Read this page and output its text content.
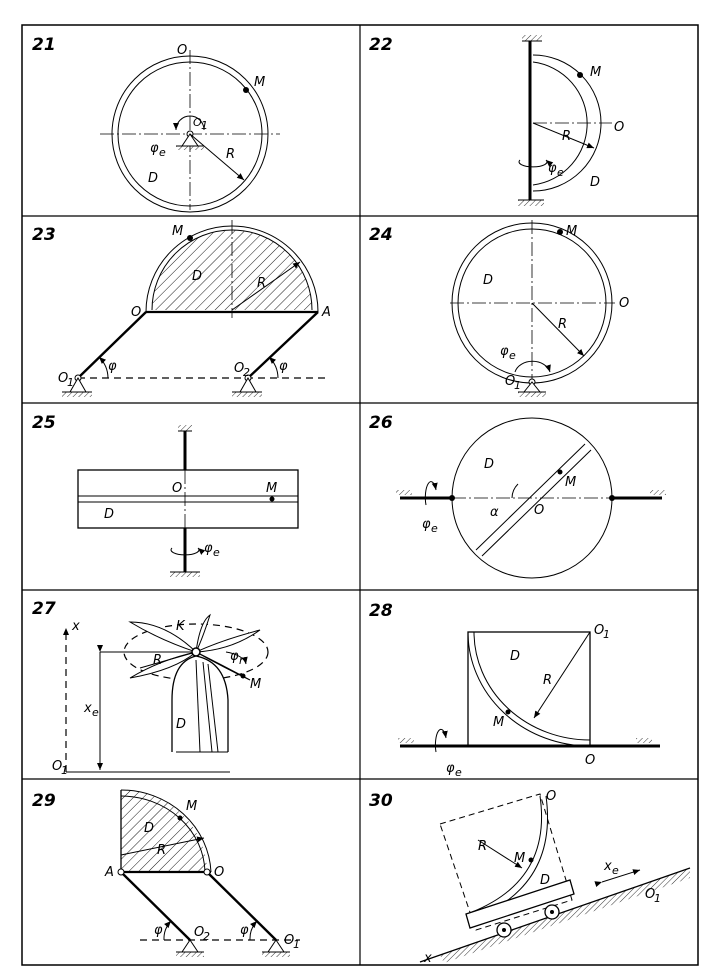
21	O
M
O 1
φ e	R
D
22
M
R
O
φ e
D
23	M
D	R
O	A
O
1
O
2
φ	φ
24	M
D
O
R
φ e
O
1
25
O	M
D
φ e
26
D
M
α	O
φ e
27
x	K
R	φ r
M
x e
D
O
1
28
O
1
D
R
M
φ e
O
29	M
D
R
A	O
φ	φ
O
2	O
1
30	O
R
M
D
x e
O
1
x
